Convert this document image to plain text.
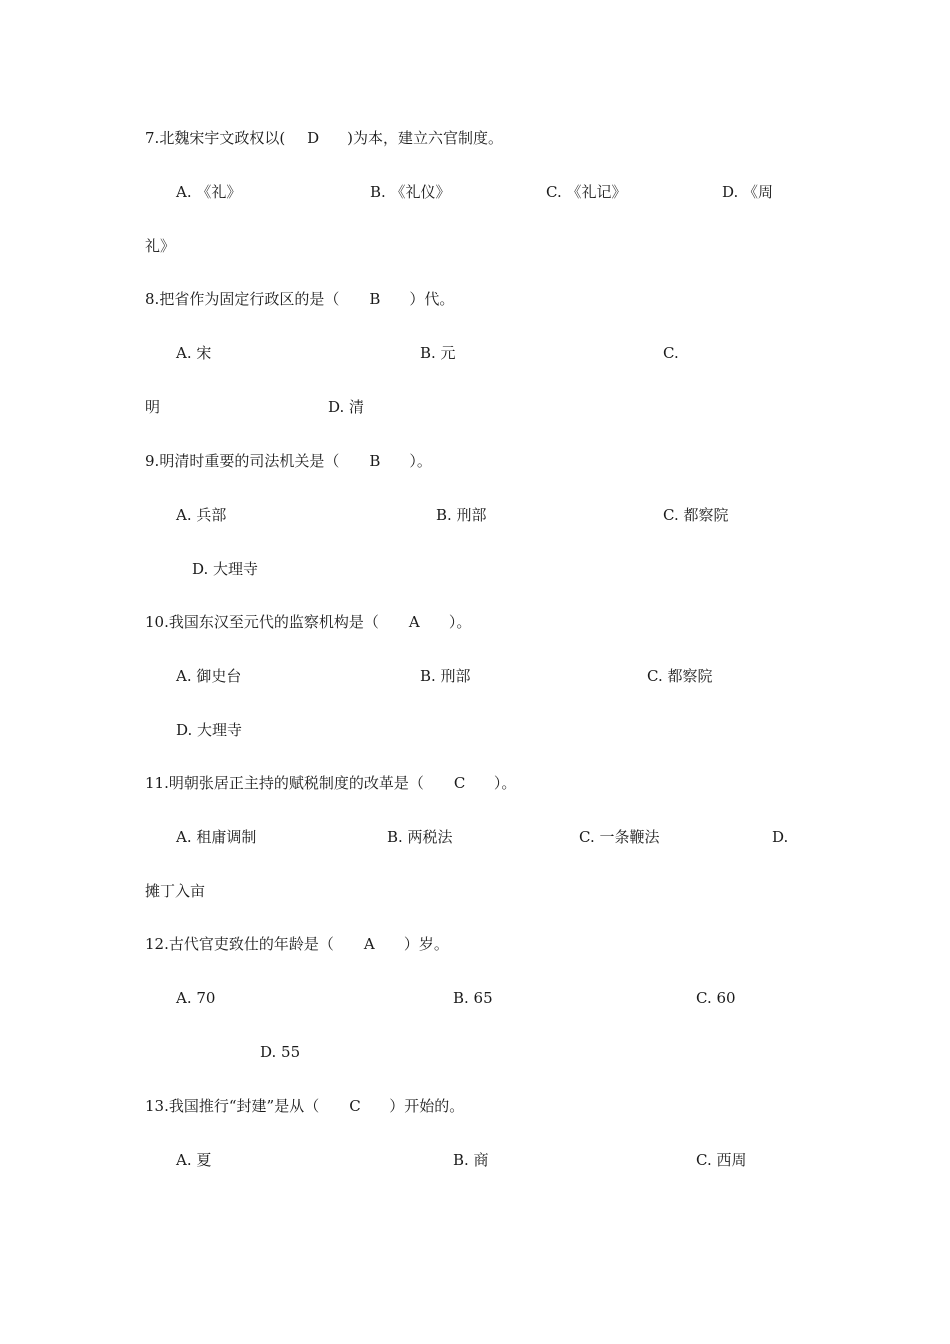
7.北魏宋宇文政权以( D )为本，建立六官制度。
A. 《礼》	B. 《礼仪》	C. 《礼记》	D. 《周
礼》
8.把省作为固定行政区的是（ B ）代。
A. 宋	B. 元	C.
明	D. 清
9.明清时重要的司法机关是（ B ）。
A. 兵部	B. 刑部	C. 都察院
D. 大理寺
10.我国东汉至元代的监察机构是（ A ）。
A. 御史台	B. 刑部	C. 都察院
D. 大理寺
11.明朝张居正主持的赋税制度的改革是（ C ）。
A. 租庸调制	B. 两税法	C. 一条鞭法	D.
摊丁入亩
12.古代官吏致仕的年龄是（ A ）岁。
A. 70	B. 65	C. 60
D. 55
13.我国推行“封建”是从（ C ）开始的。
A. 夏	B. 商	C. 西周
